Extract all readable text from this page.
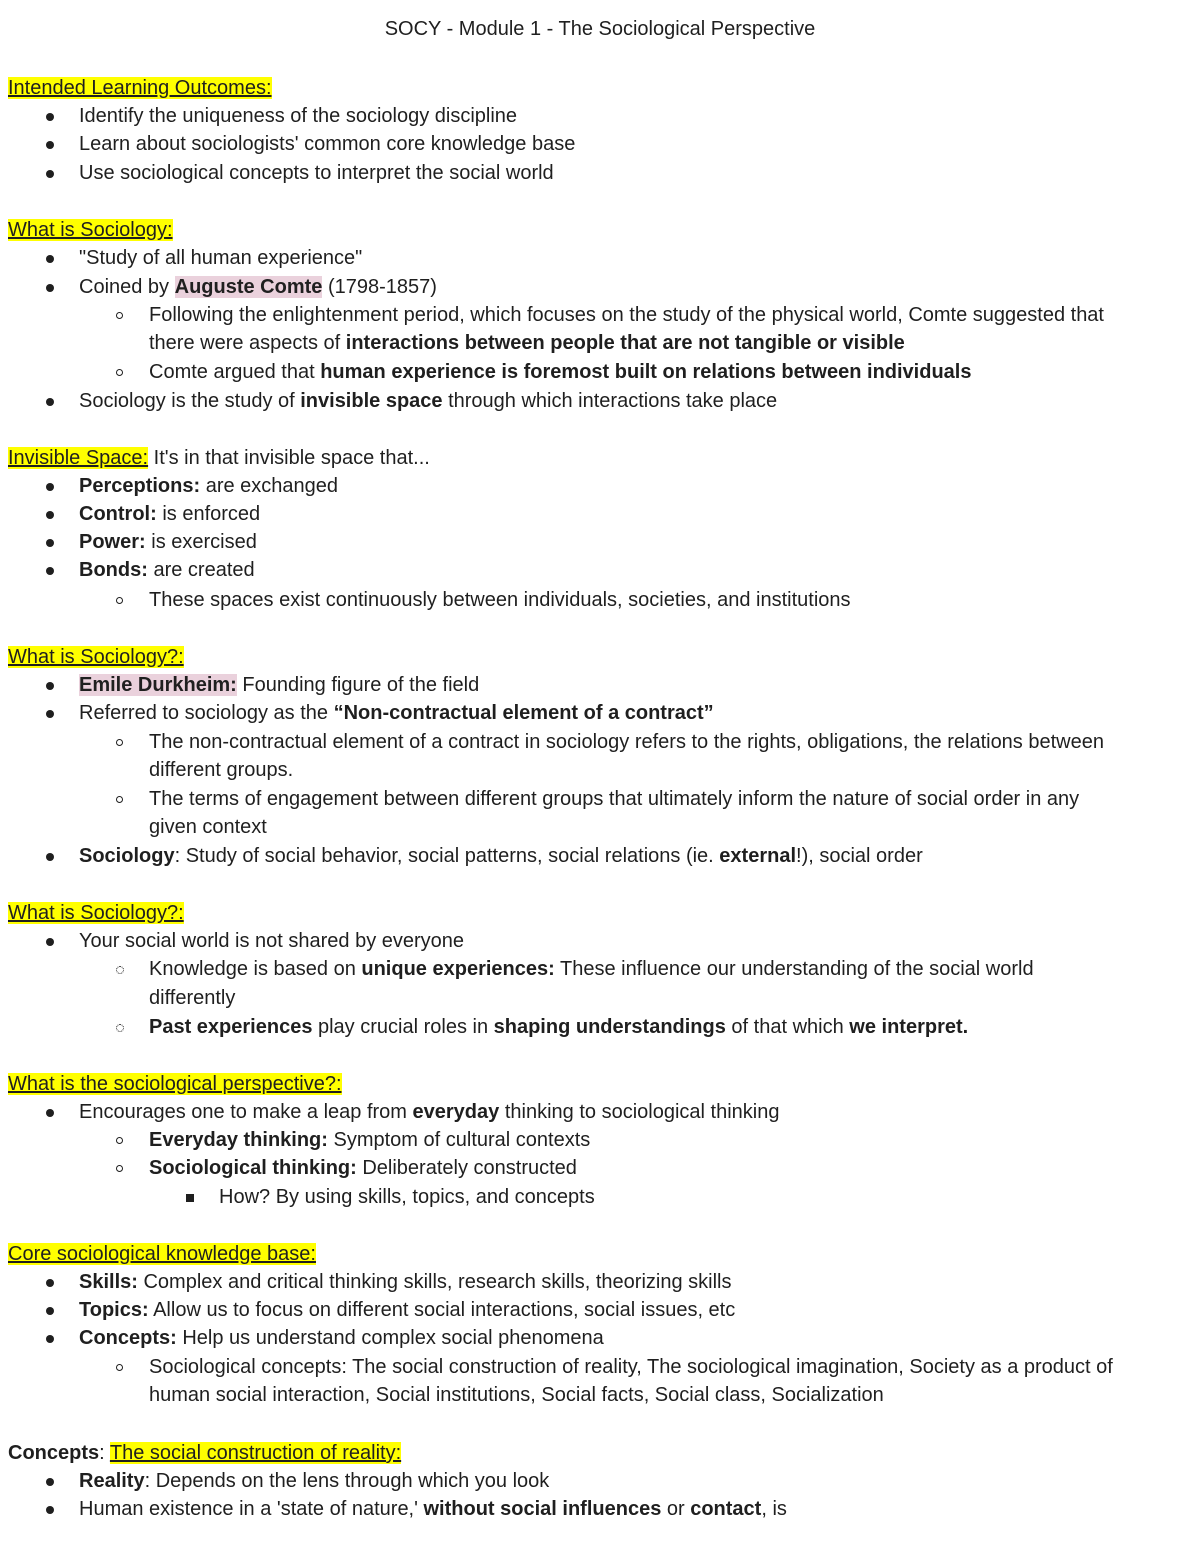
SOCY - Module 1 - The Sociological Perspective
Intended Learning Outcomes:
Identify the uniqueness of the sociology discipline
Learn about sociologists' common core knowledge base
Use sociological concepts to interpret the social world
What is Sociology:
"Study of all human experience"
Coined by Auguste Comte (1798-1857)
Following the enlightenment period, which focuses on the study of the physical world, Comte suggested that
there were aspects of interactions between people that are not tangible or visible
Comte argued that human experience is foremost built on relations between individuals
Sociology is the study of invisible space through which interactions take place
Invisible Space: It's in that invisible space that...
Perceptions: are exchanged
Control: is enforced
Power: is exercised
Bonds: are created
These spaces exist continuously between individuals, societies, and institutions
What is Sociology?:
Emile Durkheim: Founding figure of the field
Referred to sociology as the “Non-contractual element of a contract”
The non-contractual element of a contract in sociology refers to the rights, obligations, the relations between
different groups.
The terms of engagement between different groups that ultimately inform the nature of social order in any
given context
Sociology: Study of social behavior, social patterns, social relations (ie. external!), social order
What is Sociology?:
Your social world is not shared by everyone
Knowledge is based on unique experiences: These influence our understanding of the social world
differently
Past experiences play crucial roles in shaping understandings of that which we interpret.
What is the sociological perspective?:
Encourages one to make a leap from everyday thinking to sociological thinking
Everyday thinking: Symptom of cultural contexts
Sociological thinking: Deliberately constructed
How? By using skills, topics, and concepts
Core sociological knowledge base:
Skills: Complex and critical thinking skills, research skills, theorizing skills
Topics: Allow us to focus on different social interactions, social issues, etc
Concepts: Help us understand complex social phenomena
Sociological concepts: The social construction of reality, The sociological imagination, Society as a product of
human social interaction, Social institutions, Social facts, Social class, Socialization
Concepts: The social construction of reality:
Reality: Depends on the lens through which you look
Human existence in a 'state of nature,' without social influences or contact, is
